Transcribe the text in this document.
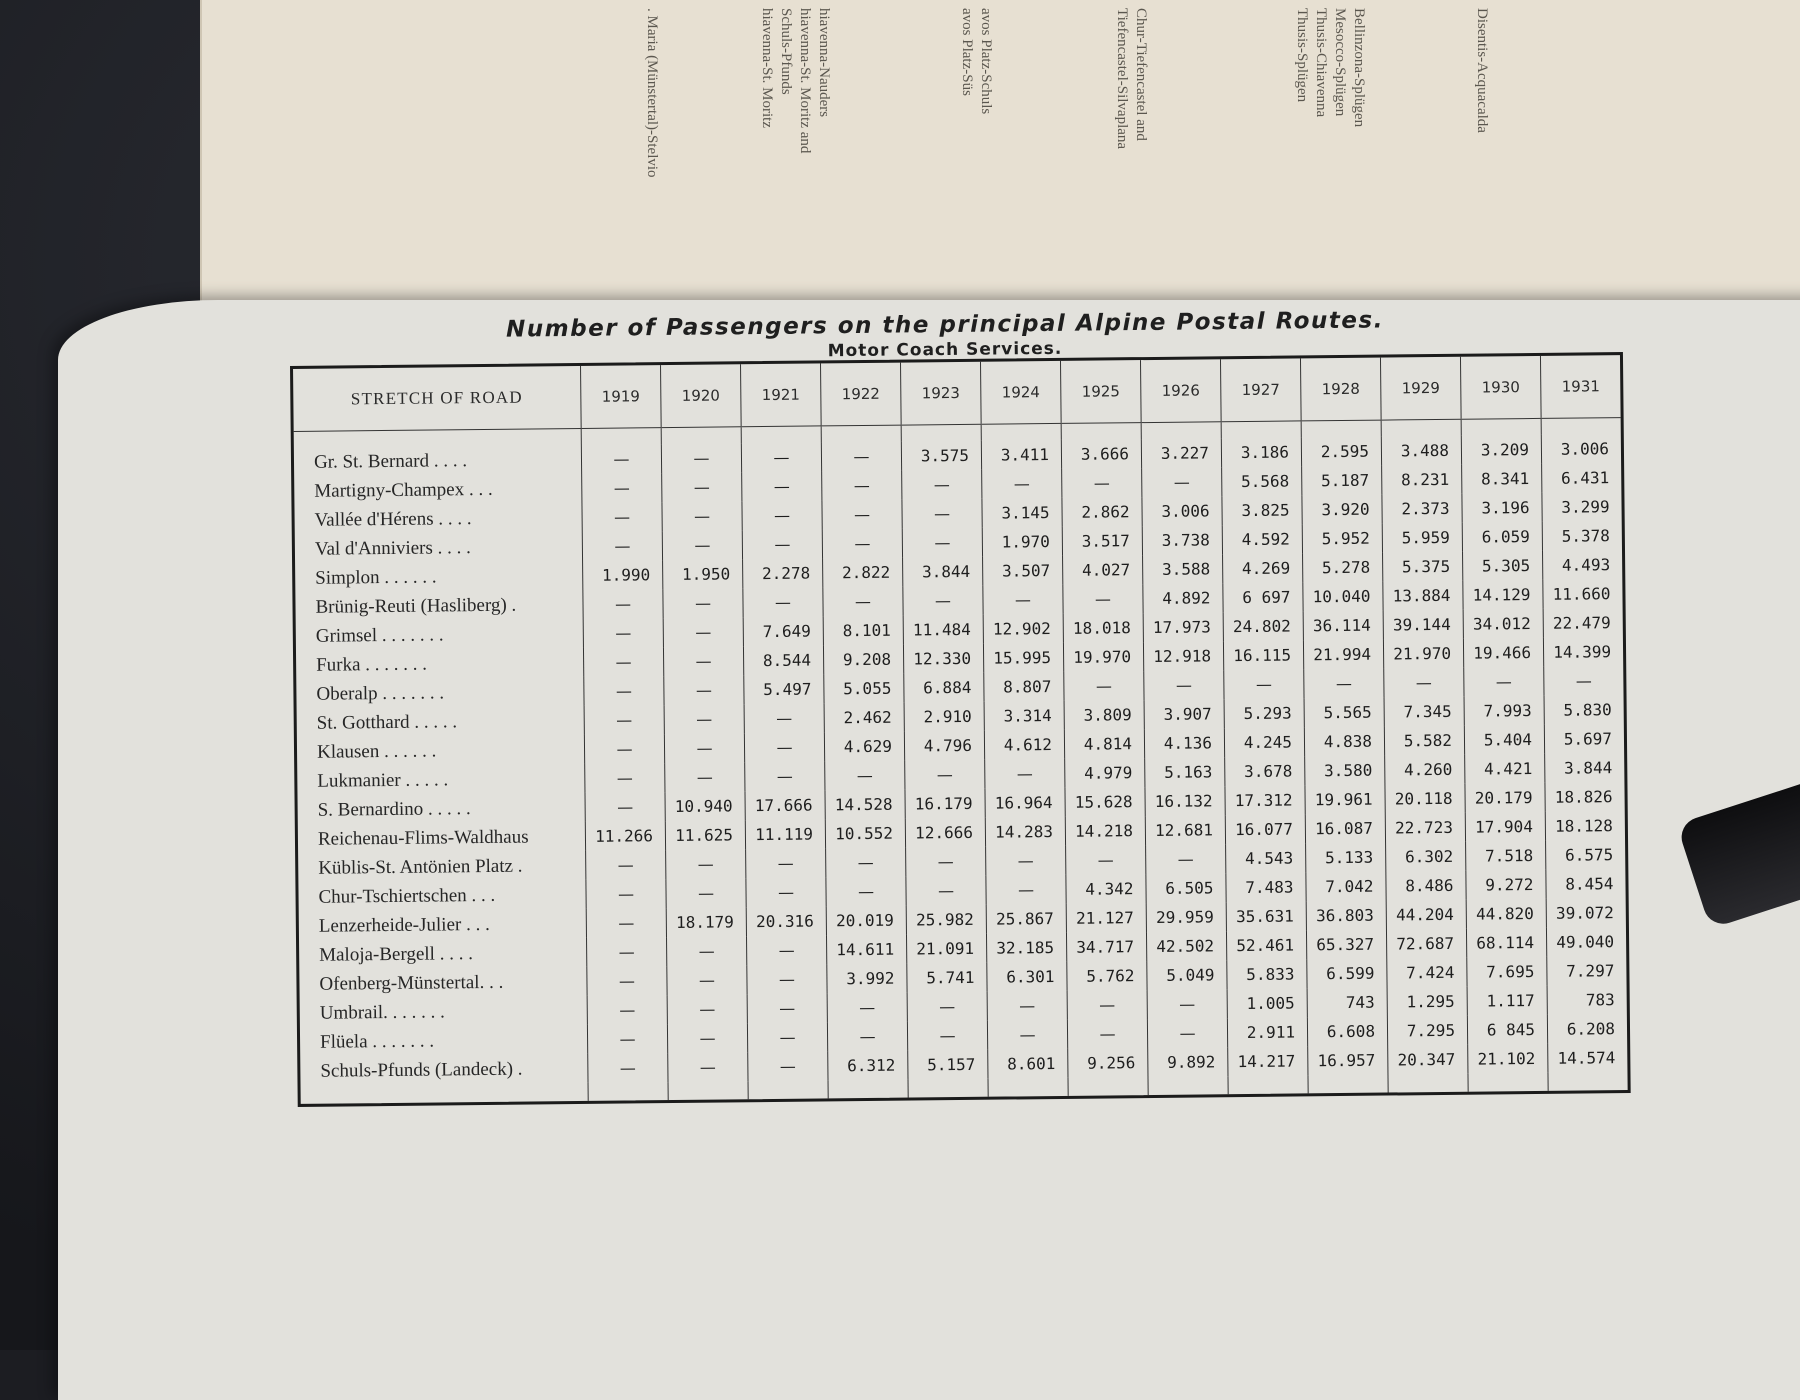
Disentis-Acquacalda
Bellinzona-Splügen
Mesocco-Splügen
Thusis-Chiavenna
Thusis-Splügen
Chur-Tiefencastel and
Tiefencastel-Silvaplana
avos Platz-Schuls
avos Platz-Süs
hiavenna-Nauders
hiavenna-St. Moritz and
Schuls-Pfunds
hiavenna-St. Moritz
. Maria (Münstertal)-Stelvio
Number of Passengers on the principal Alpine Postal Routes.
Motor Coach Services.
STRETCH OF ROAD	1919	1920	1921	1922	1923	1924	1925	1926	1927	1928	1929	1930	1931

Gr. St. Bernard . . . .	—	—	—	—	3.575	3.411	3.666	3.227	3.186	2.595	3.488	3.209	3.006
Martigny-Champex . . .	—	—	—	—	—	—	—	—	5.568	5.187	8.231	8.341	6.431
Vallée d'Hérens . . . .	—	—	—	—	—	3.145	2.862	3.006	3.825	3.920	2.373	3.196	3.299
Val d'Anniviers . . . .	—	—	—	—	—	1.970	3.517	3.738	4.592	5.952	5.959	6.059	5.378
Simplon . . . . . .	1.990	1.950	2.278	2.822	3.844	3.507	4.027	3.588	4.269	5.278	5.375	5.305	4.493
Brünig-Reuti (Hasliberg) .	—	—	—	—	—	—	—	4.892	6 697	10.040	13.884	14.129	11.660
Grimsel . . . . . . .	—	—	7.649	8.101	11.484	12.902	18.018	17.973	24.802	36.114	39.144	34.012	22.479
Furka . . . . . . .	—	—	8.544	9.208	12.330	15.995	19.970	12.918	16.115	21.994	21.970	19.466	14.399
Oberalp . . . . . . .	—	—	5.497	5.055	6.884	8.807	—	—	—	—	—	—	—
St. Gotthard . . . . .	—	—	—	2.462	2.910	3.314	3.809	3.907	5.293	5.565	7.345	7.993	5.830
Klausen . . . . . .	—	—	—	4.629	4.796	4.612	4.814	4.136	4.245	4.838	5.582	5.404	5.697
Lukmanier . . . . .	—	—	—	—	—	—	4.979	5.163	3.678	3.580	4.260	4.421	3.844
S. Bernardino . . . . .	—	10.940	17.666	14.528	16.179	16.964	15.628	16.132	17.312	19.961	20.118	20.179	18.826
Reichenau-Flims-Waldhaus	11.266	11.625	11.119	10.552	12.666	14.283	14.218	12.681	16.077	16.087	22.723	17.904	18.128
Küblis-St. Antönien Platz .	—	—	—	—	—	—	—	—	4.543	5.133	6.302	7.518	6.575
Chur-Tschiertschen . . .	—	—	—	—	—	—	4.342	6.505	7.483	7.042	8.486	9.272	8.454
Lenzerheide-Julier . . .	—	18.179	20.316	20.019	25.982	25.867	21.127	29.959	35.631	36.803	44.204	44.820	39.072
Maloja-Bergell . . . .	—	—	—	14.611	21.091	32.185	34.717	42.502	52.461	65.327	72.687	68.114	49.040
Ofenberg-Münstertal. . .	—	—	—	3.992	5.741	6.301	5.762	5.049	5.833	6.599	7.424	7.695	7.297
Umbrail. . . . . . .	—	—	—	—	—	—	—	—	1.005	743	1.295	1.117	783
Flüela . . . . . . .	—	—	—	—	—	—	—	—	2.911	6.608	7.295	6 845	6.208
Schuls-Pfunds (Landeck) .	—	—	—	6.312	5.157	8.601	9.256	9.892	14.217	16.957	20.347	21.102	14.574
